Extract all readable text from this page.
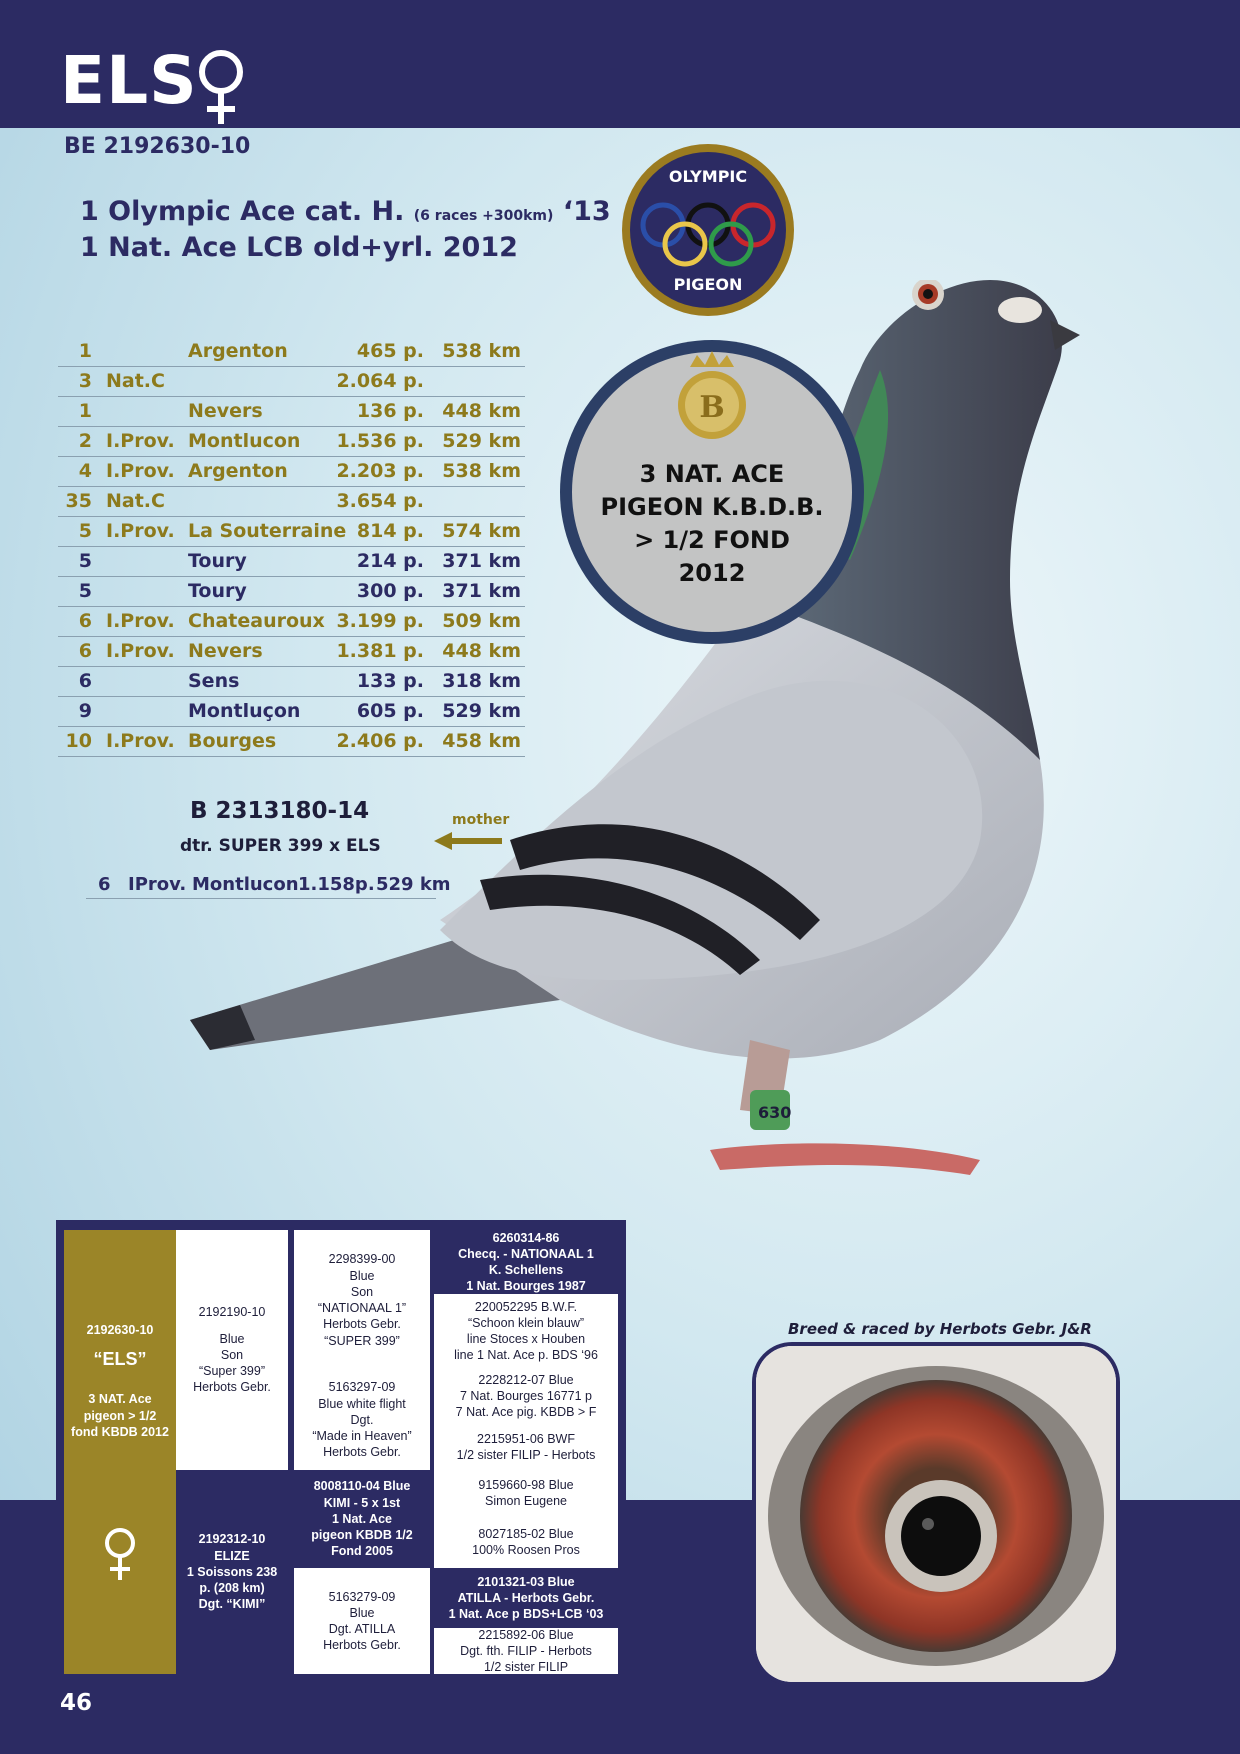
ELS
BE 2192630-10
1 Olympic Ace cat. H. (6 races +300km) ‘13
1 Nat. Ace LCB old+yrl. 2012
630
OLYMPIC
PIGEON
B
3 NAT. ACE
PIGEON K.B.D.B.
> 1/2 FOND
2012
1	Argenton	465 p. 538 km
3 Nat.C	2.064 p.
1	Nevers	136 p. 448 km
2 I.Prov. Montlucon	1.536 p. 529 km
4 I.Prov. Argenton	2.203 p. 538 km
35 Nat.C	3.654 p.
5 I.Prov. La Souterraine 814 p. 574 km
5	Toury	214 p. 371 km
5	Toury	300 p. 371 km
6 I.Prov. Chateauroux 3.199 p. 509 km
6 I.Prov. Nevers	1.381 p. 448 km
6	Sens	133 p. 318 km
9	Montluçon	605 p. 529 km
10 I.Prov. Bourges	2.406 p. 458 km
B 2313180-14
dtr. SUPER 399 x ELS
mother
6 IProv. Montlucon 1.158p. 529 km
46
Breed & raced by Herbots Gebr. J&R
2192630-10
“ELS”
3 NAT. Ace
pigeon > 1/2
fond KBDB 2012
2192190-10
Blue
Son
“Super 399”
Herbots Gebr.
2192312-10
ELIZE
1 Soissons 238
p. (208 km)
Dgt. “KIMI”
2298399-00
Blue
Son
“NATIONAAL 1”
Herbots Gebr.
“SUPER 399”
5163297-09
Blue white flight
Dgt.
“Made in Heaven”
Herbots Gebr.
8008110-04 Blue
KIMI - 5 x 1st
1 Nat. Ace
pigeon KBDB 1/2
Fond 2005
5163279-09
Blue
Dgt. ATILLA
Herbots Gebr.
6260314-86
Checq. - NATIONAAL 1
K. Schellens
1 Nat. Bourges 1987
220052295 B.W.F.
“Schoon klein blauw”
line Stoces x Houben
line 1 Nat. Ace p. BDS ‘96
2228212-07 Blue
7 Nat. Bourges 16771 p
7 Nat. Ace pig. KBDB > F
2215951-06 BWF
1/2 sister FILIP - Herbots
9159660-98 Blue
Simon Eugene
8027185-02 Blue
100% Roosen Pros
2101321-03 Blue
ATILLA - Herbots Gebr.
1 Nat. Ace p BDS+LCB ‘03
2215892-06 Blue
Dgt. fth. FILIP - Herbots
1/2 sister FILIP
